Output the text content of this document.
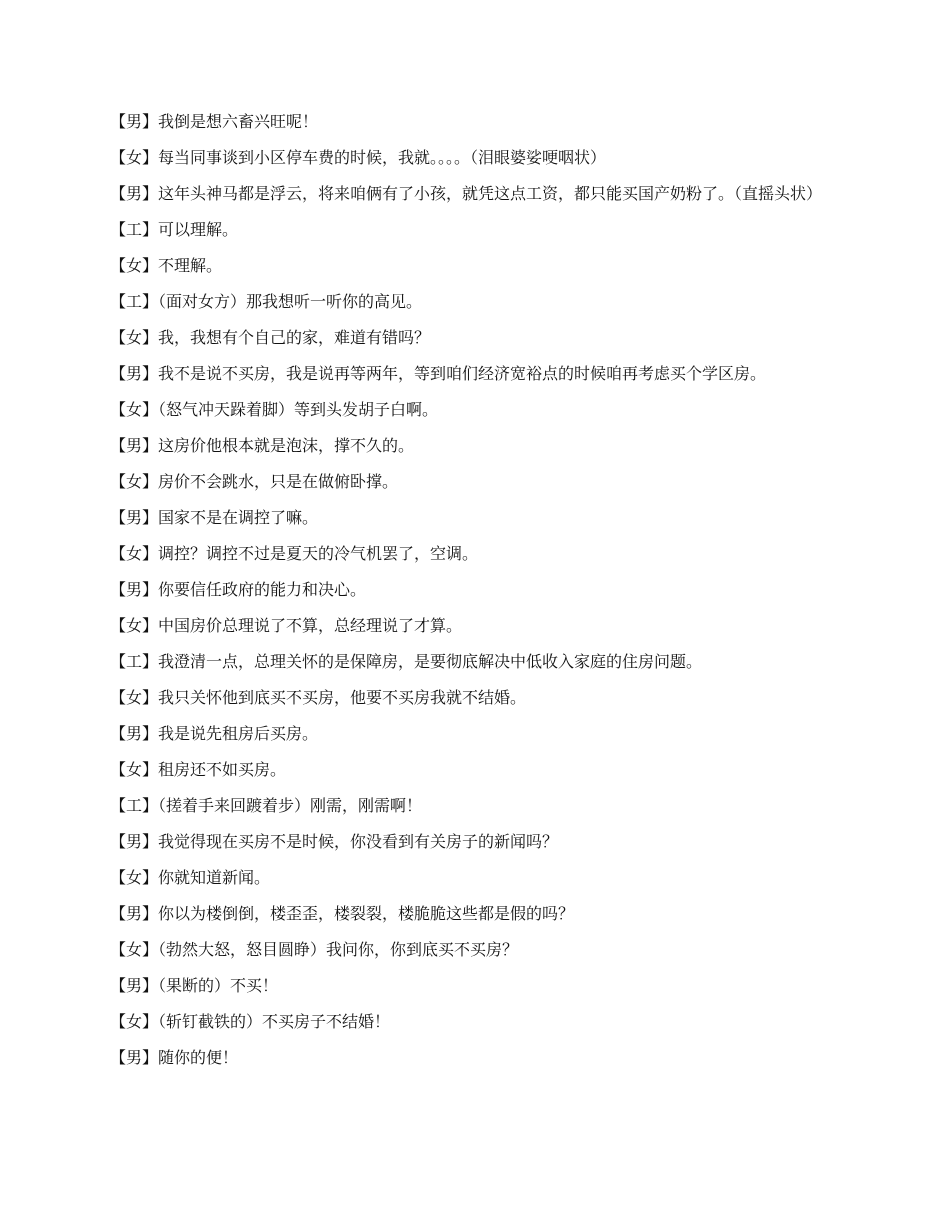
【男】我倒是想六畜兴旺呢！

【女】每当同事谈到小区停车费的时候，我就。。。。（泪眼婆娑哽咽状）

【男】这年头神马都是浮云，将来咱俩有了小孩，就凭这点工资，都只能买国产奶粉了。（直摇头状）

【工】可以理解。

【女】不理解。

【工】（面对女方）那我想听一听你的高见。

【女】我，我想有个自己的家，难道有错吗？

【男】我不是说不买房，我是说再等两年，等到咱们经济宽裕点的时候咱再考虑买个学区房。

【女】（怒气冲天跺着脚）等到头发胡子白啊。

【男】这房价他根本就是泡沫，撑不久的。

【女】房价不会跳水，只是在做俯卧撑。

【男】国家不是在调控了嘛。

【女】调控？调控不过是夏天的冷气机罢了，空调。

【男】你要信任政府的能力和决心。

【女】中国房价总理说了不算，总经理说了才算。

【工】我澄清一点，总理关怀的是保障房，是要彻底解决中低收入家庭的住房问题。

【女】我只关怀他到底买不买房，他要不买房我就不结婚。

【男】我是说先租房后买房。

【女】租房还不如买房。

【工】（搓着手来回踱着步）刚需，刚需啊！

【男】我觉得现在买房不是时候，你没看到有关房子的新闻吗？

【女】你就知道新闻。

【男】你以为楼倒倒，楼歪歪，楼裂裂，楼脆脆这些都是假的吗？

【女】（勃然大怒，怒目圆睁）我问你，你到底买不买房？

【男】（果断的）不买！

【女】（斩钉截铁的）不买房子不结婚！

【男】随你的便！
